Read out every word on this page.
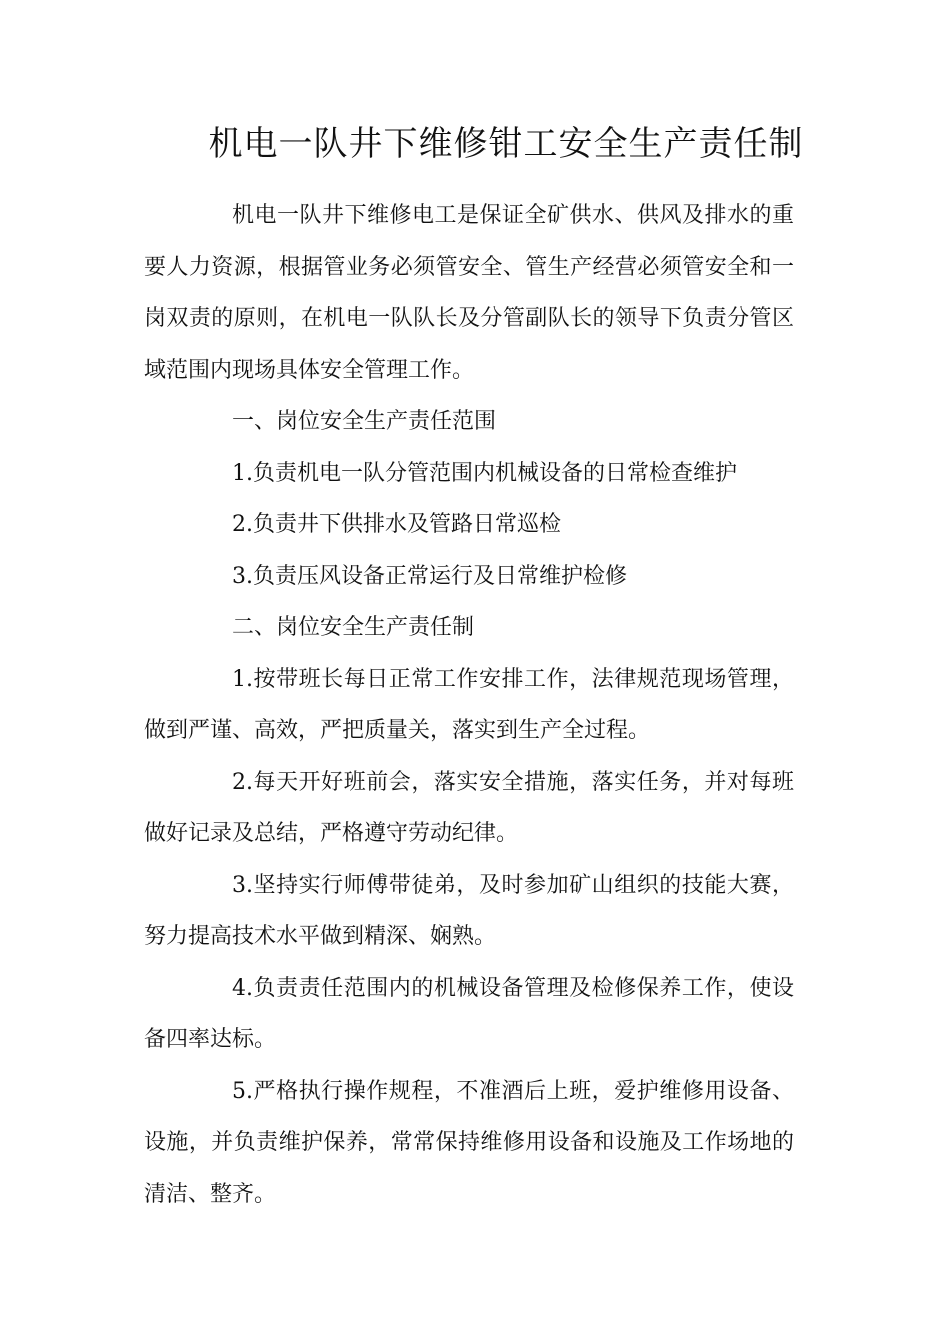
机电一队井下维修钳工安全生产责任制

机电一队井下维修电工是保证全矿供水、供风及排水的重要人力资源，根据管业务必须管安全、管生产经营必须管安全和一岗双责的原则，在机电一队队长及分管副队长的领导下负责分管区域范围内现场具体安全管理工作。

一、岗位安全生产责任范围

1.负责机电一队分管范围内机械设备的日常检查维护

2.负责井下供排水及管路日常巡检

3.负责压风设备正常运行及日常维护检修

二、岗位安全生产责任制

1.按带班长每日正常工作安排工作，法律规范现场管理，做到严谨、高效，严把质量关，落实到生产全过程。

2.每天开好班前会，落实安全措施，落实任务，并对每班做好记录及总结，严格遵守劳动纪律。

3.坚持实行师傅带徒弟，及时参加矿山组织的技能大赛，努力提高技术水平做到精深、娴熟。

4.负责责任范围内的机械设备管理及检修保养工作，使设备四率达标。

5.严格执行操作规程，不准酒后上班，爱护维修用设备、设施，并负责维护保养，常常保持维修用设备和设施及工作场地的清洁、整齐。
